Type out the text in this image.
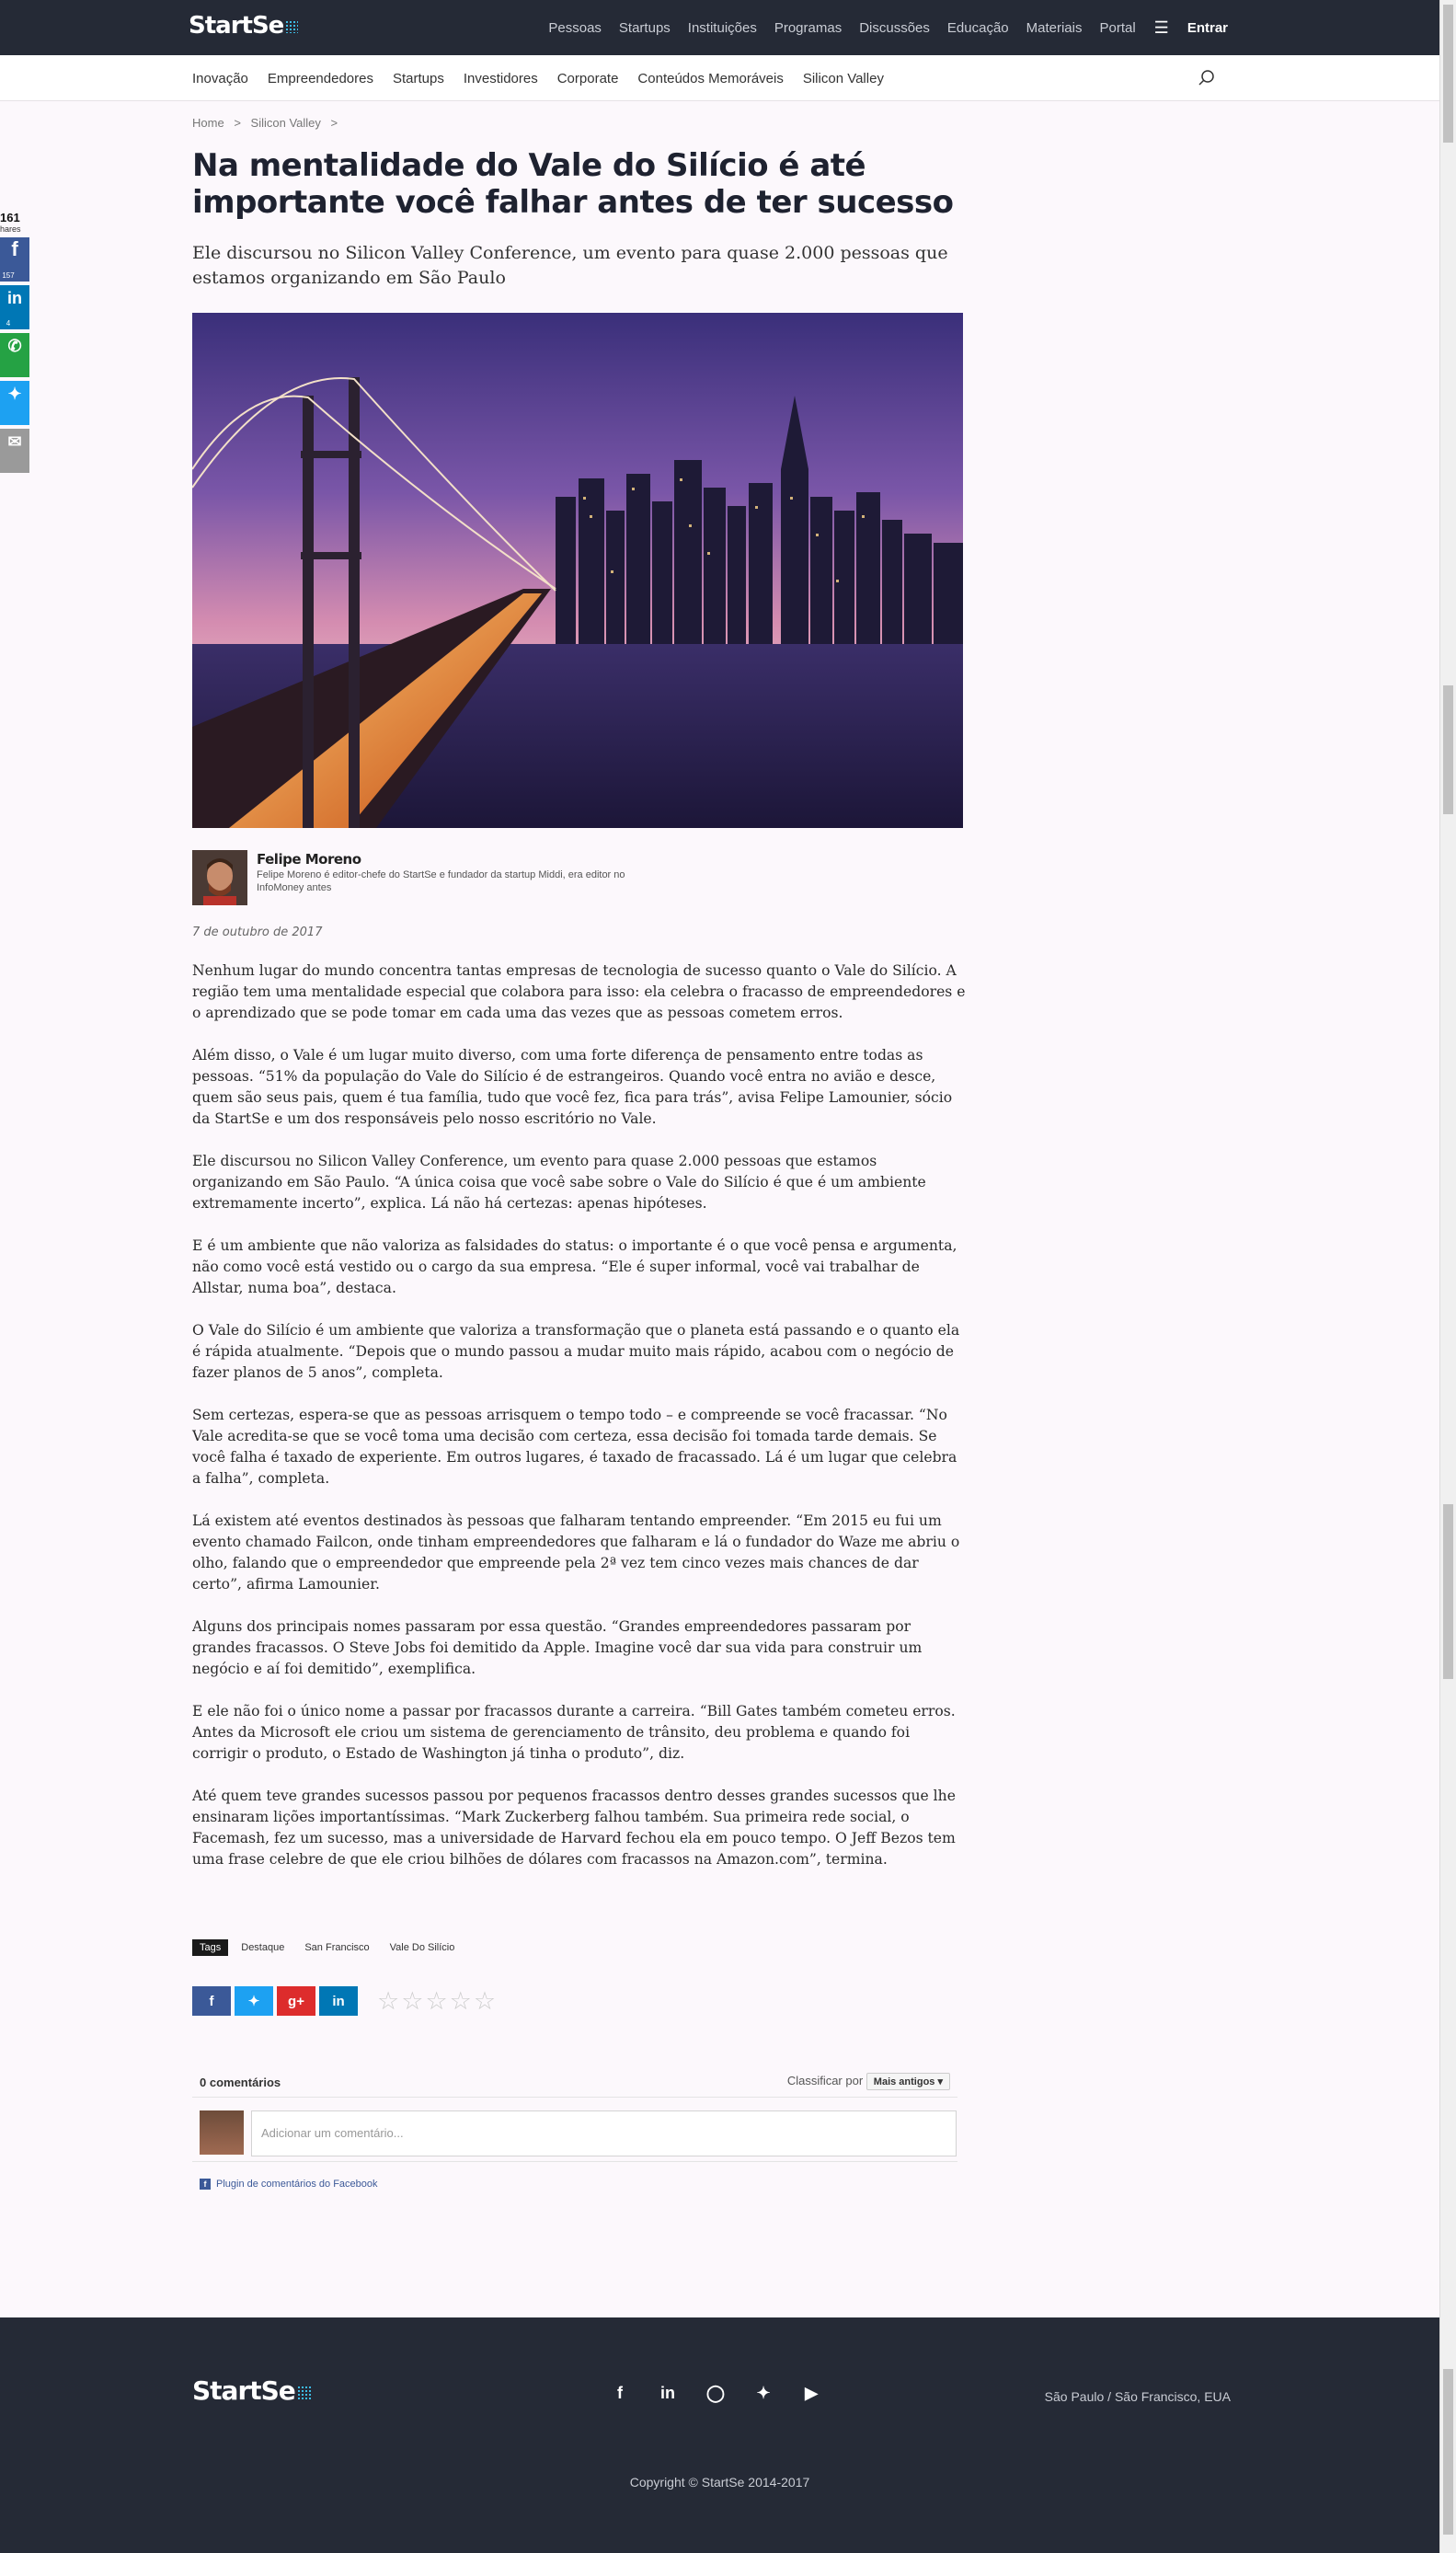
StartSe	Pessoas Startups Instituições Programas Discussões Educação Materiais Portal ☰ Entrar
Inovação Empreendedores Startups Investidores Corporate Conteúdos Memoráveis Silicon Valley
Home > Silicon Valley >
Na mentalidade do Vale do Silício é até importante você falhar antes de ter sucesso
Ele discursou no Silicon Valley Conference, um evento para quase 2.000 pessoas que estamos organizando em São Paulo
161
hares
f
157
in
4
✆
✦
✉
Felipe Moreno
Felipe Moreno é editor-chefe do StartSe e fundador da startup Middi, era editor no InfoMoney antes
7 de outubro de 2017

Nenhum lugar do mundo concentra tantas empresas de tecnologia de sucesso quanto o Vale do Silício. A região tem uma mentalidade especial que colabora para isso: ela celebra o fracasso de empreendedores e o aprendizado que se pode tomar em cada uma das vezes que as pessoas cometem erros.

Além disso, o Vale é um lugar muito diverso, com uma forte diferença de pensamento entre todas as pessoas. “51% da população do Vale do Silício é de estrangeiros. Quando você entra no avião e desce, quem são seus pais, quem é tua família, tudo que você fez, fica para trás”, avisa Felipe Lamounier, sócio da StartSe e um dos responsáveis pelo nosso escritório no Vale.

Ele discursou no Silicon Valley Conference, um evento para quase 2.000 pessoas que estamos organizando em São Paulo. “A única coisa que você sabe sobre o Vale do Silício é que é um ambiente extremamente incerto”, explica. Lá não há certezas: apenas hipóteses.

E é um ambiente que não valoriza as falsidades do status: o importante é o que você pensa e argumenta, não como você está vestido ou o cargo da sua empresa. “Ele é super informal, você vai trabalhar de Allstar, numa boa”, destaca.

O Vale do Silício é um ambiente que valoriza a transformação que o planeta está passando e o quanto ela é rápida atualmente. “Depois que o mundo passou a mudar muito mais rápido, acabou com o negócio de fazer planos de 5 anos”, completa.

Sem certezas, espera-se que as pessoas arrisquem o tempo todo – e compreende se você fracassar. “No Vale acredita-se que se você toma uma decisão com certeza, essa decisão foi tomada tarde demais. Se você falha é taxado de experiente. Em outros lugares, é taxado de fracassado. Lá é um lugar que celebra a falha”, completa.

Lá existem até eventos destinados às pessoas que falharam tentando empreender. “Em 2015 eu fui um evento chamado Failcon, onde tinham empreendedores que falharam e lá o fundador do Waze me abriu o olho, falando que o empreendedor que empreende pela 2ª vez tem cinco vezes mais chances de dar certo”, afirma Lamounier.

Alguns dos principais nomes passaram por essa questão. “Grandes empreendedores passaram por grandes fracassos. O Steve Jobs foi demitido da Apple. Imagine você dar sua vida para construir um negócio e aí foi demitido”, exemplifica.

E ele não foi o único nome a passar por fracassos durante a carreira. “Bill Gates também cometeu erros. Antes da Microsoft ele criou um sistema de gerenciamento de trânsito, deu problema e quando foi corrigir o produto, o Estado de Washington já tinha o produto”, diz.

Até quem teve grandes sucessos passou por pequenos fracassos dentro desses grandes sucessos que lhe ensinaram lições importantíssimas. “Mark Zuckerberg falhou também. Sua primeira rede social, o Facemash, fez um sucesso, mas a universidade de Harvard fechou ela em pouco tempo. O Jeff Bezos tem uma frase celebre de que ele criou bilhões de dólares com fracassos na Amazon.com”, termina.

Tags	Destaque San Francisco Vale Do Silício
f ✦ g+ in ☆☆☆☆☆
0 comentários	Classificar por Mais antigos ▾
Adicionar um comentário...
f Plugin de comentários do Facebook
StartSe	f	in	◯	✦	▶	São Paulo / São Francisco, EUA
Copyright © StartSe 2014-2017
